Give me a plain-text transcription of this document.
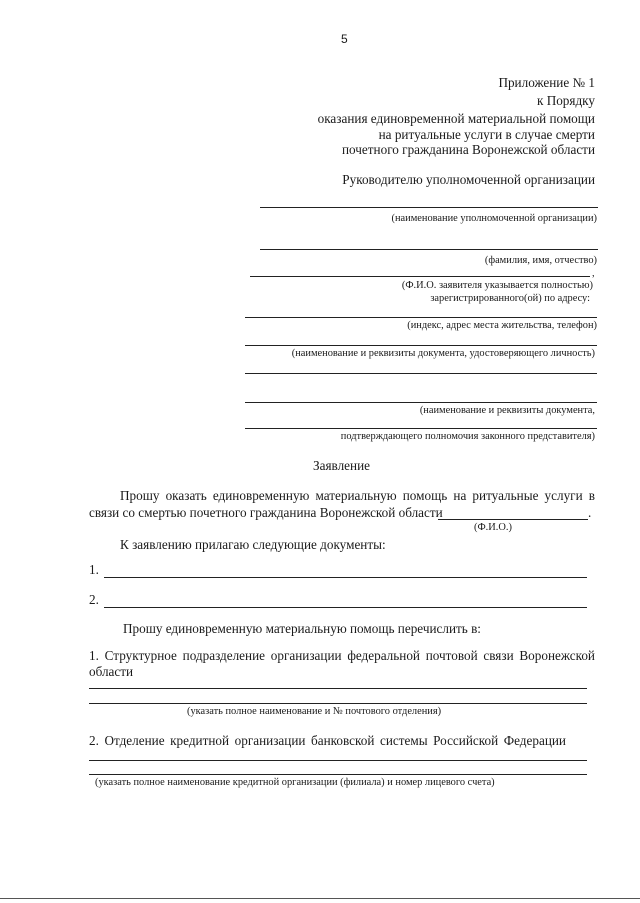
5
Приложение № 1
к Порядку
оказания единовременной материальной помощи
на ритуальные услуги в случае смерти
почетного гражданина Воронежской области
Руководителю уполномоченной организации
(наименование уполномоченной организации)
(фамилия, имя, отчество)
,
(Ф.И.О. заявителя указывается полностью)
зарегистрированного(ой) по адресу:
(индекс, адрес места жительства, телефон)
(наименование и реквизиты документа, удостоверяющего личность)
(наименование и реквизиты документа,
подтверждающего полномочия законного представителя)
Заявление
Прошу оказать единовременную материальную помощь на ритуальные услуги в
связи со смертью почетного гражданина Воронежской области	.
(Ф.И.О.)
К заявлению прилагаю следующие документы:
1.
2.
Прошу единовременную материальную помощь перечислить в:
1. Структурное подразделение организации федеральной почтовой связи Воронежской
области
(указать полное наименование и № почтового отделения)
2. Отделение кредитной организации банковской системы Российской Федерации
(указать полное наименование кредитной организации (филиала) и номер лицевого счета)
